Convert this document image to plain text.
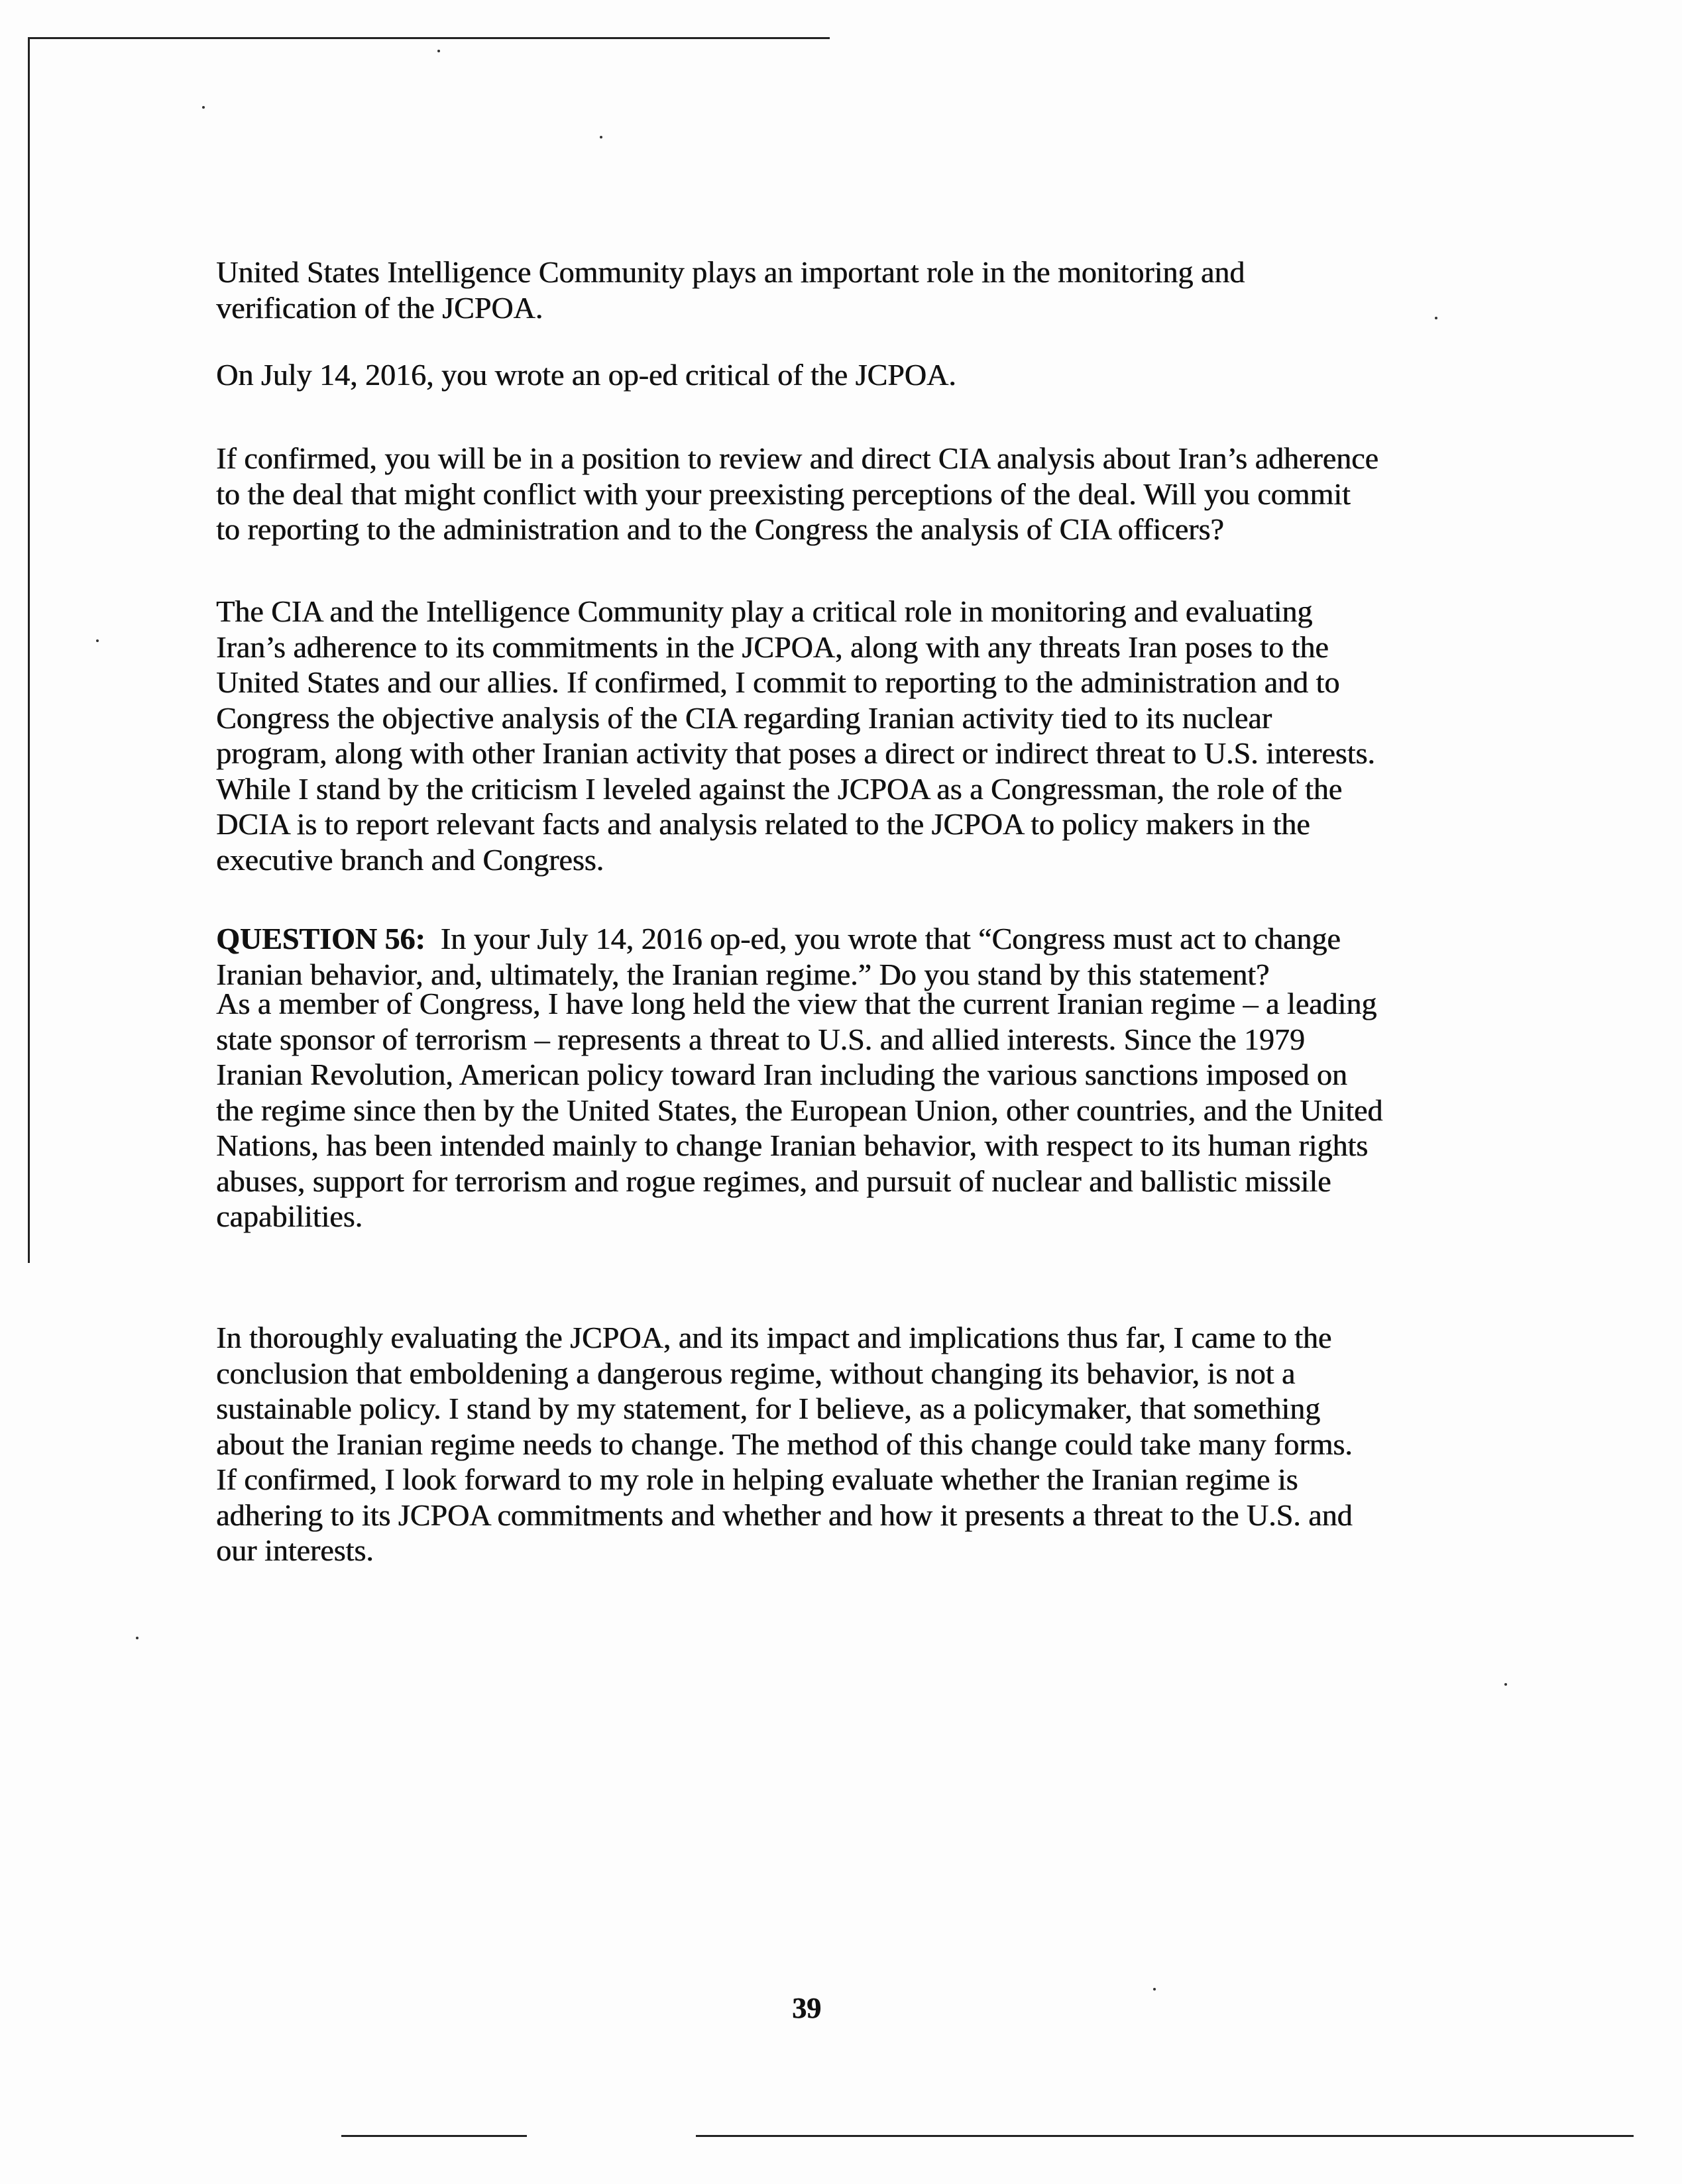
United States Intelligence Community plays an important role in the monitoring and
verification of the JCPOA.
On July 14, 2016, you wrote an op-ed critical of the JCPOA.
If confirmed, you will be in a position to review and direct CIA analysis about Iran’s adherence
to the deal that might conflict with your preexisting perceptions of the deal. Will you commit
to reporting to the administration and to the Congress the analysis of CIA officers?
The CIA and the Intelligence Community play a critical role in monitoring and evaluating
Iran’s adherence to its commitments in the JCPOA, along with any threats Iran poses to the
United States and our allies. If confirmed, I commit to reporting to the administration and to
Congress the objective analysis of the CIA regarding Iranian activity tied to its nuclear
program, along with other Iranian activity that poses a direct or indirect threat to U.S. interests.
While I stand by the criticism I leveled against the JCPOA as a Congressman, the role of the
DCIA is to report relevant facts and analysis related to the JCPOA to policy makers in the
executive branch and Congress.
QUESTION 56:  In your July 14, 2016 op-ed, you wrote that “Congress must act to change
Iranian behavior, and, ultimately, the Iranian regime.” Do you stand by this statement?
As a member of Congress, I have long held the view that the current Iranian regime – a leading
state sponsor of terrorism – represents a threat to U.S. and allied interests. Since the 1979
Iranian Revolution, American policy toward Iran including the various sanctions imposed on
the regime since then by the United States, the European Union, other countries, and the United
Nations, has been intended mainly to change Iranian behavior, with respect to its human rights
abuses, support for terrorism and rogue regimes, and pursuit of nuclear and ballistic missile
capabilities.
In thoroughly evaluating the JCPOA, and its impact and implications thus far, I came to the
conclusion that emboldening a dangerous regime, without changing its behavior, is not a
sustainable policy. I stand by my statement, for I believe, as a policymaker, that something
about the Iranian regime needs to change. The method of this change could take many forms.
If confirmed, I look forward to my role in helping evaluate whether the Iranian regime is
adhering to its JCPOA commitments and whether and how it presents a threat to the U.S. and
our interests.
39
